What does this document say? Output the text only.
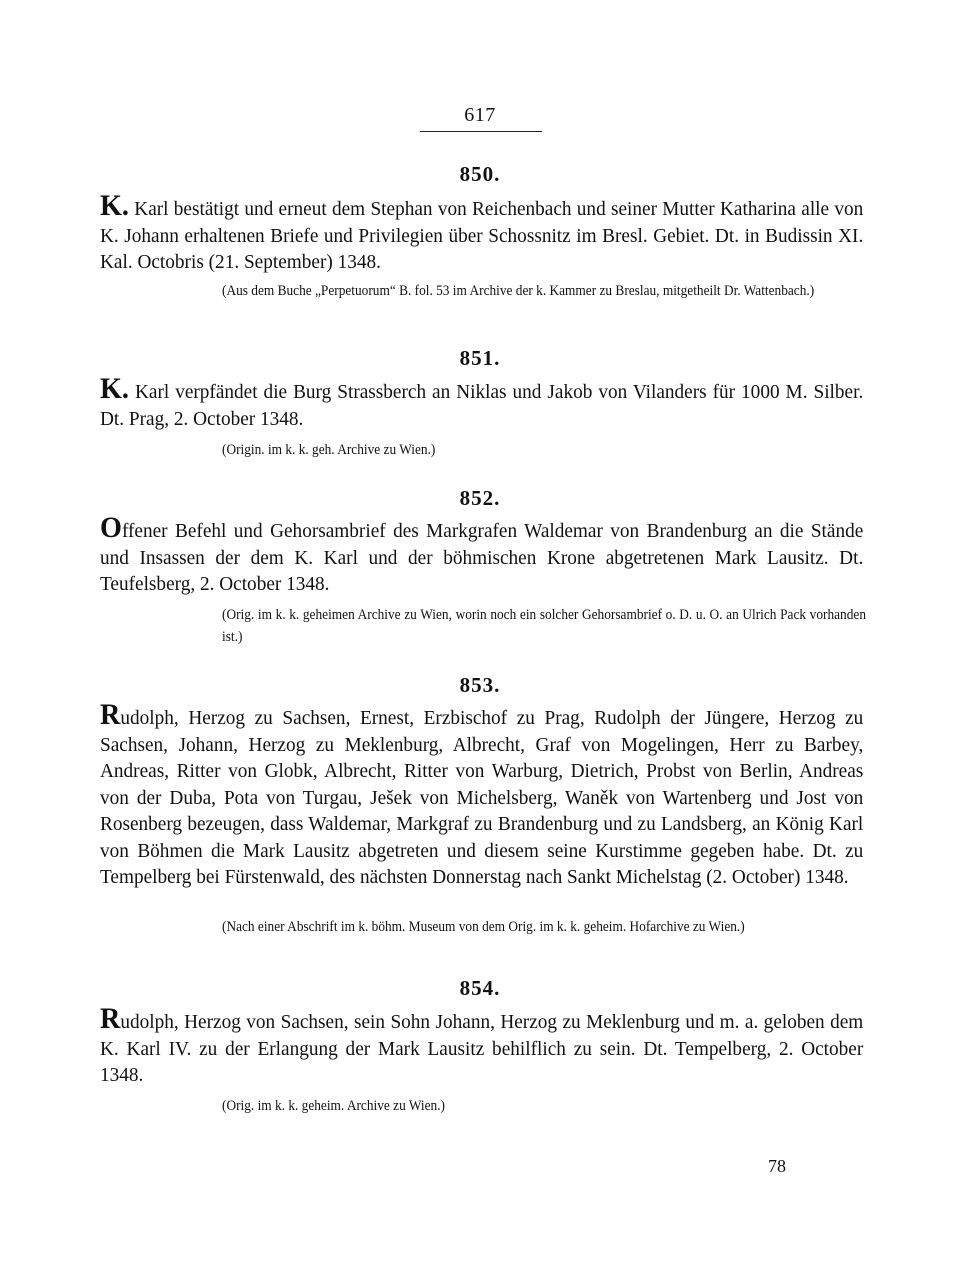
617
850.
K. Karl bestätigt und erneut dem Stephan von Reichenbach und seiner Mutter Katharina alle von K. Johann erhaltenen Briefe und Privilegien über Schossnitz im Bresl. Gebiet. Dt. in Budissin XI. Kal. Octobris (21. September) 1348.
(Aus dem Buche „Perpetuorum“ B. fol. 53 im Archive der k. Kammer zu Breslau, mitgetheilt Dr. Wattenbach.)
851.
K. Karl verpfändet die Burg Strassberch an Niklas und Jakob von Vilanders für 1000 M. Silber. Dt. Prag, 2. October 1348.
(Origin. im k. k. geh. Archive zu Wien.)
852.
Offener Befehl und Gehorsambrief des Markgrafen Waldemar von Brandenburg an die Stände und Insassen der dem K. Karl und der böhmischen Krone abgetretenen Mark Lausitz. Dt. Teufelsberg, 2. October 1348.
(Orig. im k. k. geheimen Archive zu Wien, worin noch ein solcher Gehorsambrief o. D. u. O. an Ulrich Pack vorhanden ist.)
853.
Rudolph, Herzog zu Sachsen, Ernest, Erzbischof zu Prag, Rudolph der Jüngere, Herzog zu Sachsen, Johann, Herzog zu Meklenburg, Albrecht, Graf von Mogelingen, Herr zu Barbey, Andreas, Ritter von Globk, Albrecht, Ritter von Warburg, Dietrich, Probst von Berlin, Andreas von der Duba, Pota von Turgau, Ješek von Michelsberg, Waněk von Wartenberg und Jost von Rosenberg bezeugen, dass Waldemar, Markgraf zu Brandenburg und zu Landsberg, an König Karl von Böhmen die Mark Lausitz abgetreten und diesem seine Kurstimme gegeben habe. Dt. zu Tempelberg bei Fürstenwald, des nächsten Donnerstag nach Sankt Michelstag (2. October) 1348.
(Nach einer Abschrift im k. böhm. Museum von dem Orig. im k. k. geheim. Hofarchive zu Wien.)
854.
Rudolph, Herzog von Sachsen, sein Sohn Johann, Herzog zu Meklenburg und m. a. geloben dem K. Karl IV. zu der Erlangung der Mark Lausitz behilflich zu sein. Dt. Tempelberg, 2. October 1348.
(Orig. im k. k. geheim. Archive zu Wien.)
78
